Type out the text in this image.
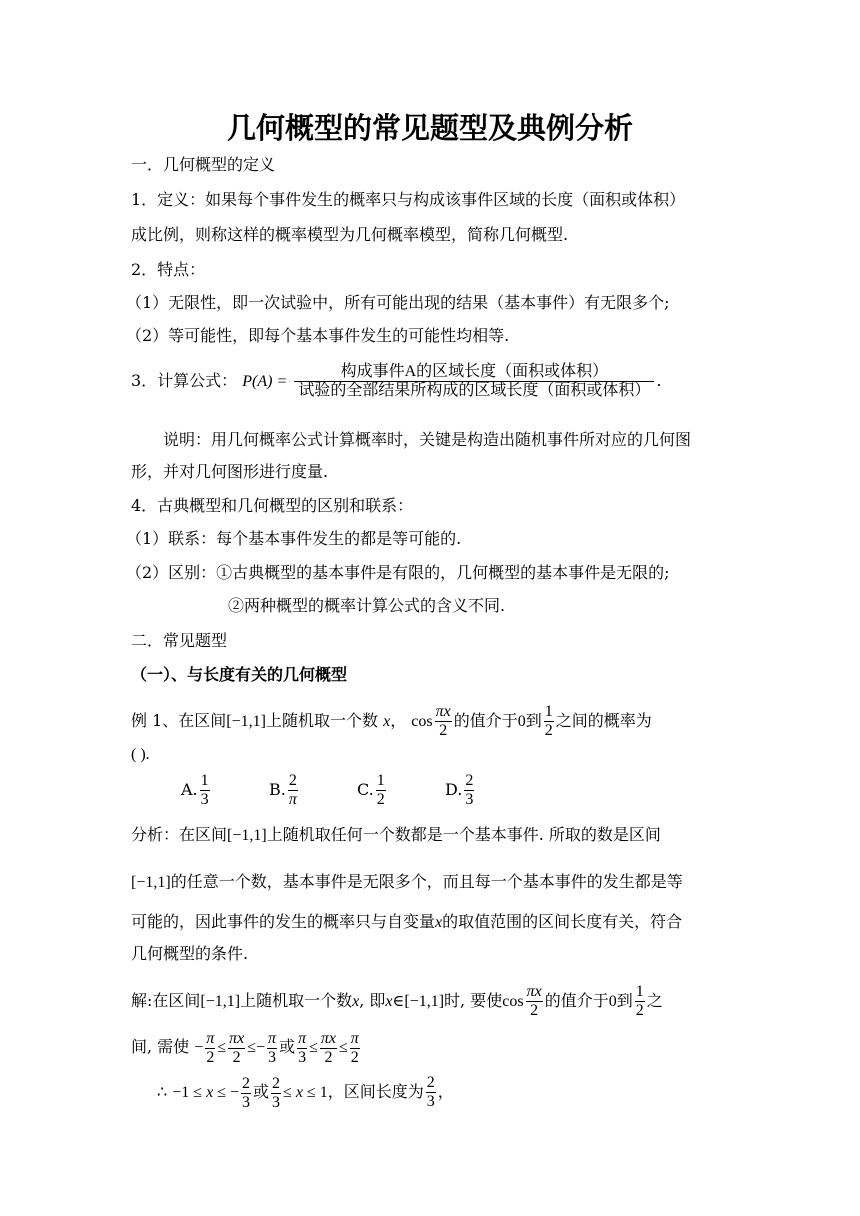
几何概型的常见题型及典例分析
一．几何概型的定义
1．定义：如果每个事件发生的概率只与构成该事件区域的长度（面积或体积）
成比例，则称这样的概率模型为几何概率模型，简称几何概型.
2．特点：
（1）无限性，即一次试验中，所有可能出现的结果（基本事件）有无限多个;
（2）等可能性，即每个基本事件发生的可能性均相等.
3．计算公式： $P(A) = \frac{\text{构成事件A的区域长度（面积或体积）}}{\text{试验的全部结果所构成的区域长度（面积或体积）}}$ .
说明：用几何概率公式计算概率时，关键是构造出随机事件所对应的几何图
形，并对几何图形进行度量.
4．古典概型和几何概型的区别和联系：
（1）联系：每个基本事件发生的都是等可能的.
（2）区别：①古典概型的基本事件是有限的，几何概型的基本事件是无限的;
②两种概型的概率计算公式的含义不同.
二．常见题型
（一）、与长度有关的几何概型
例 1、在区间[−1,1]上随机取一个数 x， $\cos \frac{\pi x}{2}$ 的值介于0到 $\frac{1}{2}$ 之间的概率为
( ).
A. $\frac{1}{3}$	B. $\frac{2}{\pi}$	C. $\frac{1}{2}$	D. $\frac{2}{3}$
分析：在区间[−1,1]上随机取任何一个数都是一个基本事件. 所取的数是区间
[−1,1]的任意一个数，基本事件是无限多个，而且每一个基本事件的发生都是等
可能的，因此事件的发生的概率只与自变量x的取值范围的区间长度有关，符合
几何概型的条件.
解:在区间[−1,1]上随机取一个数x, 即x∈[−1,1]时, 要使$\cos \frac{\pi x}{2}$ 的值介于0到 $\frac{1}{2}$ 之
间, 需使 − $\frac{\pi}{2} \le \frac{\pi x}{2} \le- \frac{\pi}{3}$ 或 $\frac{\pi}{3} \le \frac{\pi x}{2} \le \frac{\pi}{2}$
∴ −1 ≤ x ≤ − $\frac{2}{3}$ 或 $\frac{2}{3} \le x \le 1$，区间长度为 $\frac{2}{3}$ ，
